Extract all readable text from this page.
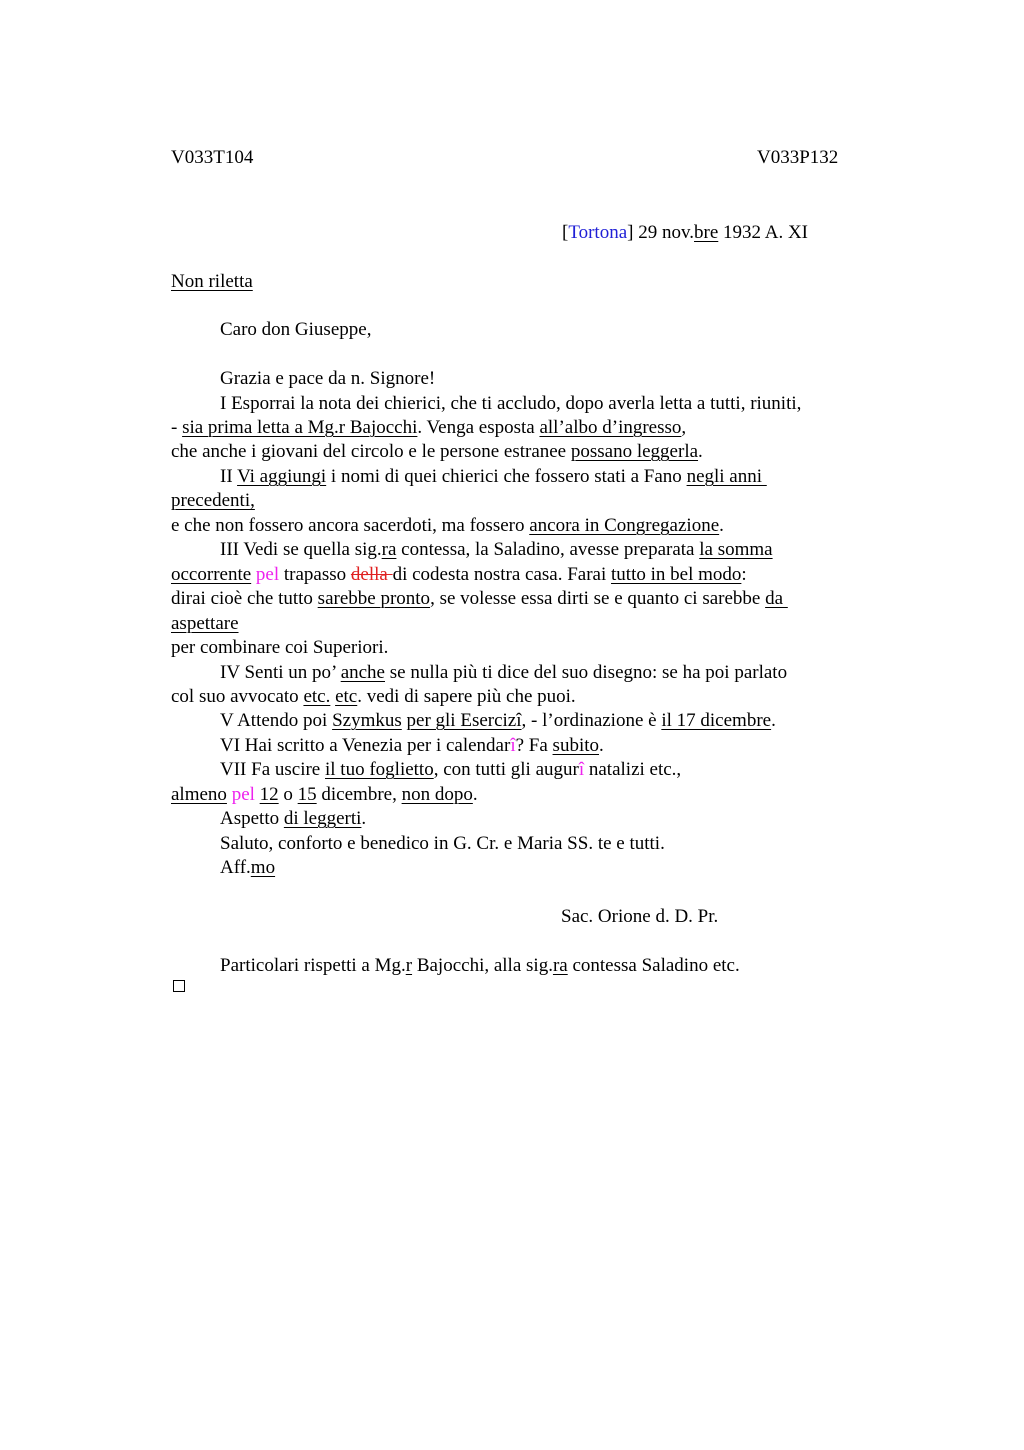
V033T104	V033P132
[Tortona] 29 nov.bre 1932 A. XI
Non riletta
Caro don Giuseppe,
Grazia e pace da n. Signore!
I Esporrai la nota dei chierici, che ti accludo, dopo averla letta a tutti, riuniti,
- sia prima letta a Mg.r Bajocchi. Venga esposta all’albo d’ingresso,
che anche i giovani del circolo e le persone estranee possano leggerla.
II Vi aggiungi i nomi di quei chierici che fossero stati a Fano negli anni
precedenti,
e che non fossero ancora sacerdoti, ma fossero ancora in Congregazione.
III Vedi se quella sig.ra contessa, la Saladino, avesse preparata la somma
occorrente pel trapasso della di codesta nostra casa. Farai tutto in bel modo:
dirai cioè che tutto sarebbe pronto, se volesse essa dirti se e quanto ci sarebbe da
aspettare
per combinare coi Superiori.
IV Senti un po’ anche se nulla più ti dice del suo disegno: se ha poi parlato
col suo avvocato etc. etc. vedi di sapere più che puoi.
V Attendo poi Szymkus per gli Esercizî, - l’ordinazione è il 17 dicembre.
VI Hai scritto a Venezia per i calendarî? Fa subito.
VII Fa uscire il tuo foglietto, con tutti gli augurî natalizi etc.,
almeno pel 12 o 15 dicembre, non dopo.
Aspetto di leggerti.
Saluto, conforto e benedico in G. Cr. e Maria SS. te e tutti.
Aff.mo
Sac. Orione d. D. Pr.
Particolari rispetti a Mg.r Bajocchi, alla sig.ra contessa Saladino etc.
